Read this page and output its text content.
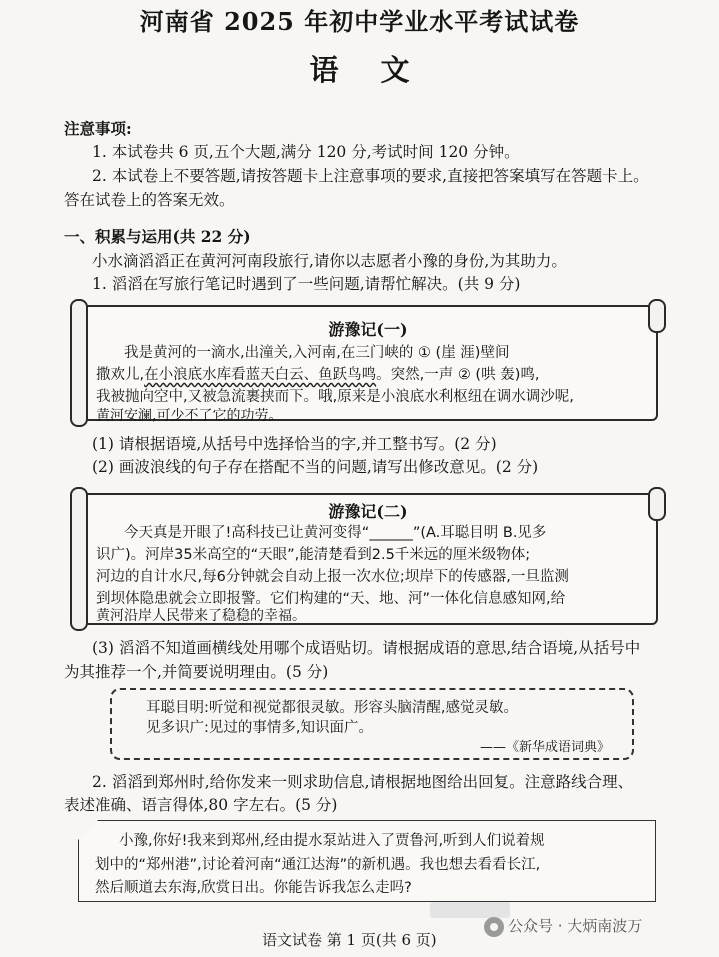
河南省 2025 年初中学业水平考试试卷
语文
注意事项:
1. 本试卷共 6 页,五个大题,满分 120 分,考试时间 120 分钟。
2. 本试卷上不要答题,请按答题卡上注意事项的要求,直接把答案填写在答题卡上。
答在试卷上的答案无效。
一、积累与运用(共 22 分)
小水滴滔滔正在黄河河南段旅行,请你以志愿者小豫的身份,为其助力。
1. 滔滔在写旅行笔记时遇到了一些问题,请帮忙解决。(共 9 分)
游豫记(一)
我是黄河的一滴水,出潼关,入河南,在三门峡的 ① (崖 涯)壁间
撒欢儿,在小浪底水库看蓝天白云、鱼跃鸟鸣。突然,一声 ② (哄 轰)鸣,
我被抛向空中,又被急流裹挟而下。哦,原来是小浪底水利枢纽在调水调沙呢,
黄河安澜,可少不了它的功劳。
(1) 请根据语境,从括号中选择恰当的字,并工整书写。(2 分)
(2) 画波浪线的句子存在搭配不当的问题,请写出修改意见。(2 分)
游豫记(二)
今天真是开眼了!高科技已让黄河变得“______”(A.耳聪目明 B.见多
识广)。河岸35米高空的“天眼”,能清楚看到2.5千米远的厘米级物体;
河边的自计水尺,每6分钟就会自动上报一次水位;坝岸下的传感器,一旦监测
到坝体隐患就会立即报警。它们构建的“天、地、河”一体化信息感知网,给
黄河沿岸人民带来了稳稳的幸福。
(3) 滔滔不知道画横线处用哪个成语贴切。请根据成语的意思,结合语境,从括号中
为其推荐一个,并简要说明理由。(5 分)
耳聪目明:听觉和视觉都很灵敏。形容头脑清醒,感觉灵敏。
见多识广:见过的事情多,知识面广。
——《新华成语词典》
2. 滔滔到郑州时,给你发来一则求助信息,请根据地图给出回复。注意路线合理、
表述准确、语言得体,80 字左右。(5 分)
小豫,你好!我来到郑州,经由提水泵站进入了贾鲁河,听到人们说着规
划中的“郑州港”,讨论着河南“通江达海”的新机遇。我也想去看看长江,
然后顺道去东海,欣赏日出。你能告诉我怎么走吗?
语文试卷 第 1 页(共 6 页)
公众号 · 大炳南波万
